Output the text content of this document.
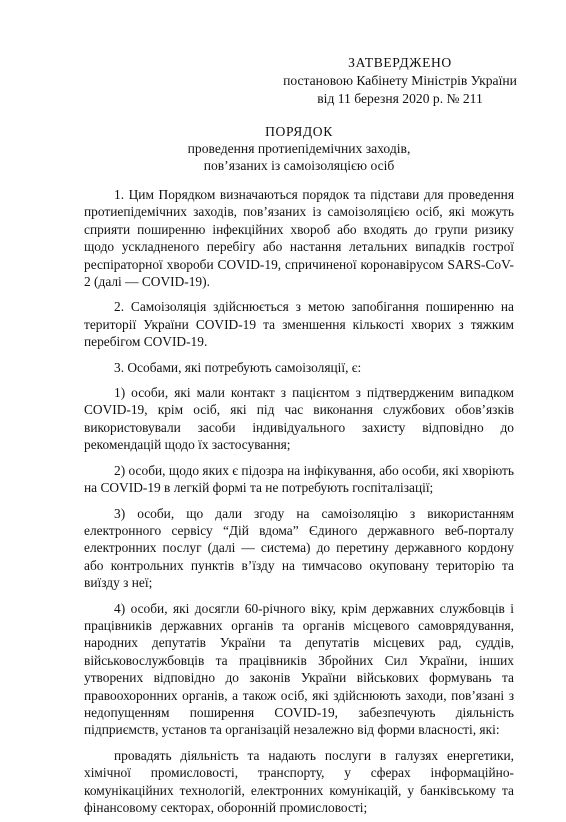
ЗАТВЕРДЖЕНО
постановою Кабінету Міністрів України
від 11 березня 2020 р. № 211
ПОРЯДОК
проведення протиепідемічних заходів,
пов’язаних із самоізоляцією осіб

1. Цим Порядком визначаються порядок та підстави для проведення протиепідемічних заходів, пов’язаних із самоізоляцією осіб, які можуть сприяти поширенню інфекційних хвороб або входять до групи ризику щодо ускладненого перебігу або настання летальних випадків гострої респіраторної хвороби COVID-19, спричиненої коронавірусом SARS-CoV-2 (далі — COVID-19).

2. Самоізоляція здійснюється з метою запобігання поширенню на території України COVID-19 та зменшення кількості хворих з тяжким перебігом COVID-19.

3. Особами, які потребують самоізоляції, є:

1) особи, які мали контакт з пацієнтом з підтвердженим випадком COVID-19, крім осіб, які під час виконання службових обов’язків використовували засоби індивідуального захисту відповідно до рекомендацій щодо їх застосування;

2) особи, щодо яких є підозра на інфікування, або особи, які хворіють на COVID-19 в легкій формі та не потребують госпіталізації;

3) особи, що дали згоду на самоізоляцію з використанням електронного сервісу “Дій вдома” Єдиного державного веб-порталу електронних послуг (далі — система) до перетину державного кордону або контрольних пунктів в’їзду на тимчасово окуповану територію та виїзду з неї;

4) особи, які досягли 60-річного віку, крім державних службовців і працівників державних органів та органів місцевого самоврядування, народних депутатів України та депутатів місцевих рад, суддів, військовослужбовців та працівників Збройних Сил України, інших утворених відповідно до законів України військових формувань та правоохоронних органів, а також осіб, які здійснюють заходи, пов’язані з недопущенням поширення COVID-19, забезпечують діяльність підприємств, установ та організацій незалежно від форми власності, які:

провадять діяльність та надають послуги в галузях енергетики, хімічної промисловості, транспорту, у сферах інформаційно-комунікаційних технологій, електронних комунікацій, у банківському та фінансовому секторах, оборонній промисловості;
